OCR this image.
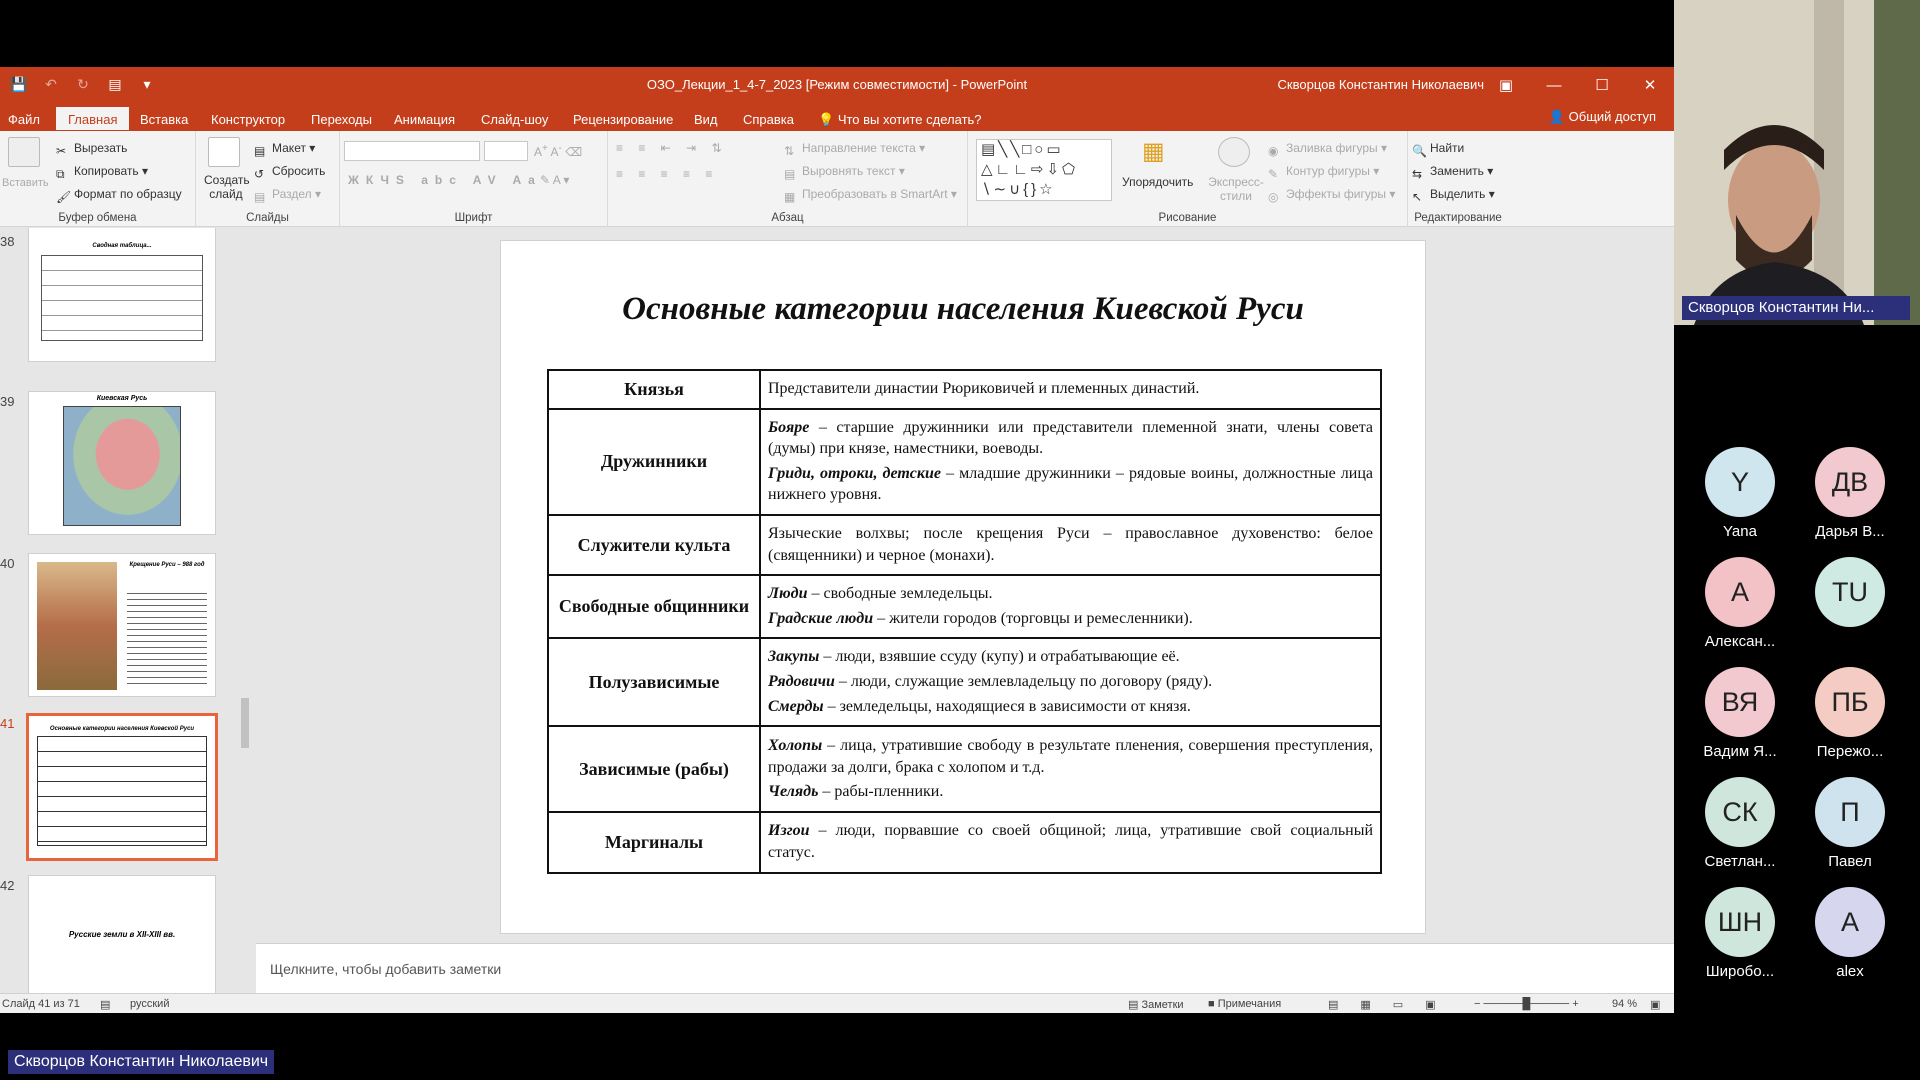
💾 ↶ ↻ ▤	▾	ОЗО_Лекции_1_4-7_2023 [Режим совместимости] - PowerPoint	Скворцов Константин Николаевич ▣	—	☐	✕
Файл	Главная	Вставка Конструктор Переходы Анимация Слайд-шоу Рецензирование Вид Справка 💡 Что вы хотите сделать?	👤 Общий доступ
Вставить
✂ Вырезать
⧉ Копировать ▾
🖌 Формат по образцу
Буфер обмена
Создать слайд
▤ Макет ▾
↺ Сбросить
▤ Раздел ▾
Слайды
A+ A- ⌫
ЖКЧS abc AV Aa
✎ A ▾
Шрифт
≡ ≡ ⇤ ⇥ ⇅
≡ ≡ ≡ ≡ ≡
⇅ Направление текста ▾
▤ Выровнять текст ▾
▦ Преобразовать в SmartArt ▾
Абзац
▤╲╲□○▭ △∟∟⇨⇩⬠ ∖∼∪{}☆
▦
Упорядочить Экспресс-стили
◉ Заливка фигуры ▾
✎ Контур фигуры ▾
◎ Эффекты фигуры ▾
Рисование
🔍 Найти
⇆ Заменить ▾
↖ Выделить ▾
Редактирование
38	Сводная таблица...
39	Киевская Русь
40	Крещение Руси – 988 год
41	Основные категории населения Киевской Руси
42
Русские земли в XII-XIII вв.
Основные категории населения Киевской Руси
Князья	Представители династии Рюриковичей и племенных династий.

Дружинники	Бояре – старшие дружинники или представители племенной знати, члены совета (думы) при князе, наместники, воеводы.

Гриди, отроки, детские – младшие дружинники – рядовые воины, должностные лица нижнего уровня.

Служители культа	Языческие волхвы; после крещения Руси – православное духовенство: белое (священники) и черное (монахи).

Свободные общинники	Люди – свободные земледельцы.

Градские люди – жители городов (торговцы и ремесленники).

Полузависимые	Закупы – люди, взявшие ссуду (купу) и отрабатывающие её.

Рядовичи – люди, служащие землевладельцу по договору (ряду).

Смерды – земледельцы, находящиеся в зависимости от князя.

Зависимые (рабы)	Холопы – лица, утратившие свободу в результате пленения, совершения преступления, продажи за долги, брака с холопом и т.д.

Челядь – рабы-пленники.

Маргиналы	Изгои – люди, порвавшие со своей общиной; лица, утратившие свой социальный статус.

Щелкните, чтобы добавить заметки
Слайд 41 из 71 ▤ русский	▤ Заметки ■ Примечания	▤▦▭▣ − ─────█───── +	94 % ▣
Скворцов Константин Ни...
Y
Yana
ДВ
Дарья В...
А
Алексан...
TU
ВЯ
Вадим Я...
ПБ
Пережо...
СК
Светлан...
П
Павел
ШН
Широбо...
A
alex
Скворцов Константин Николаевич
